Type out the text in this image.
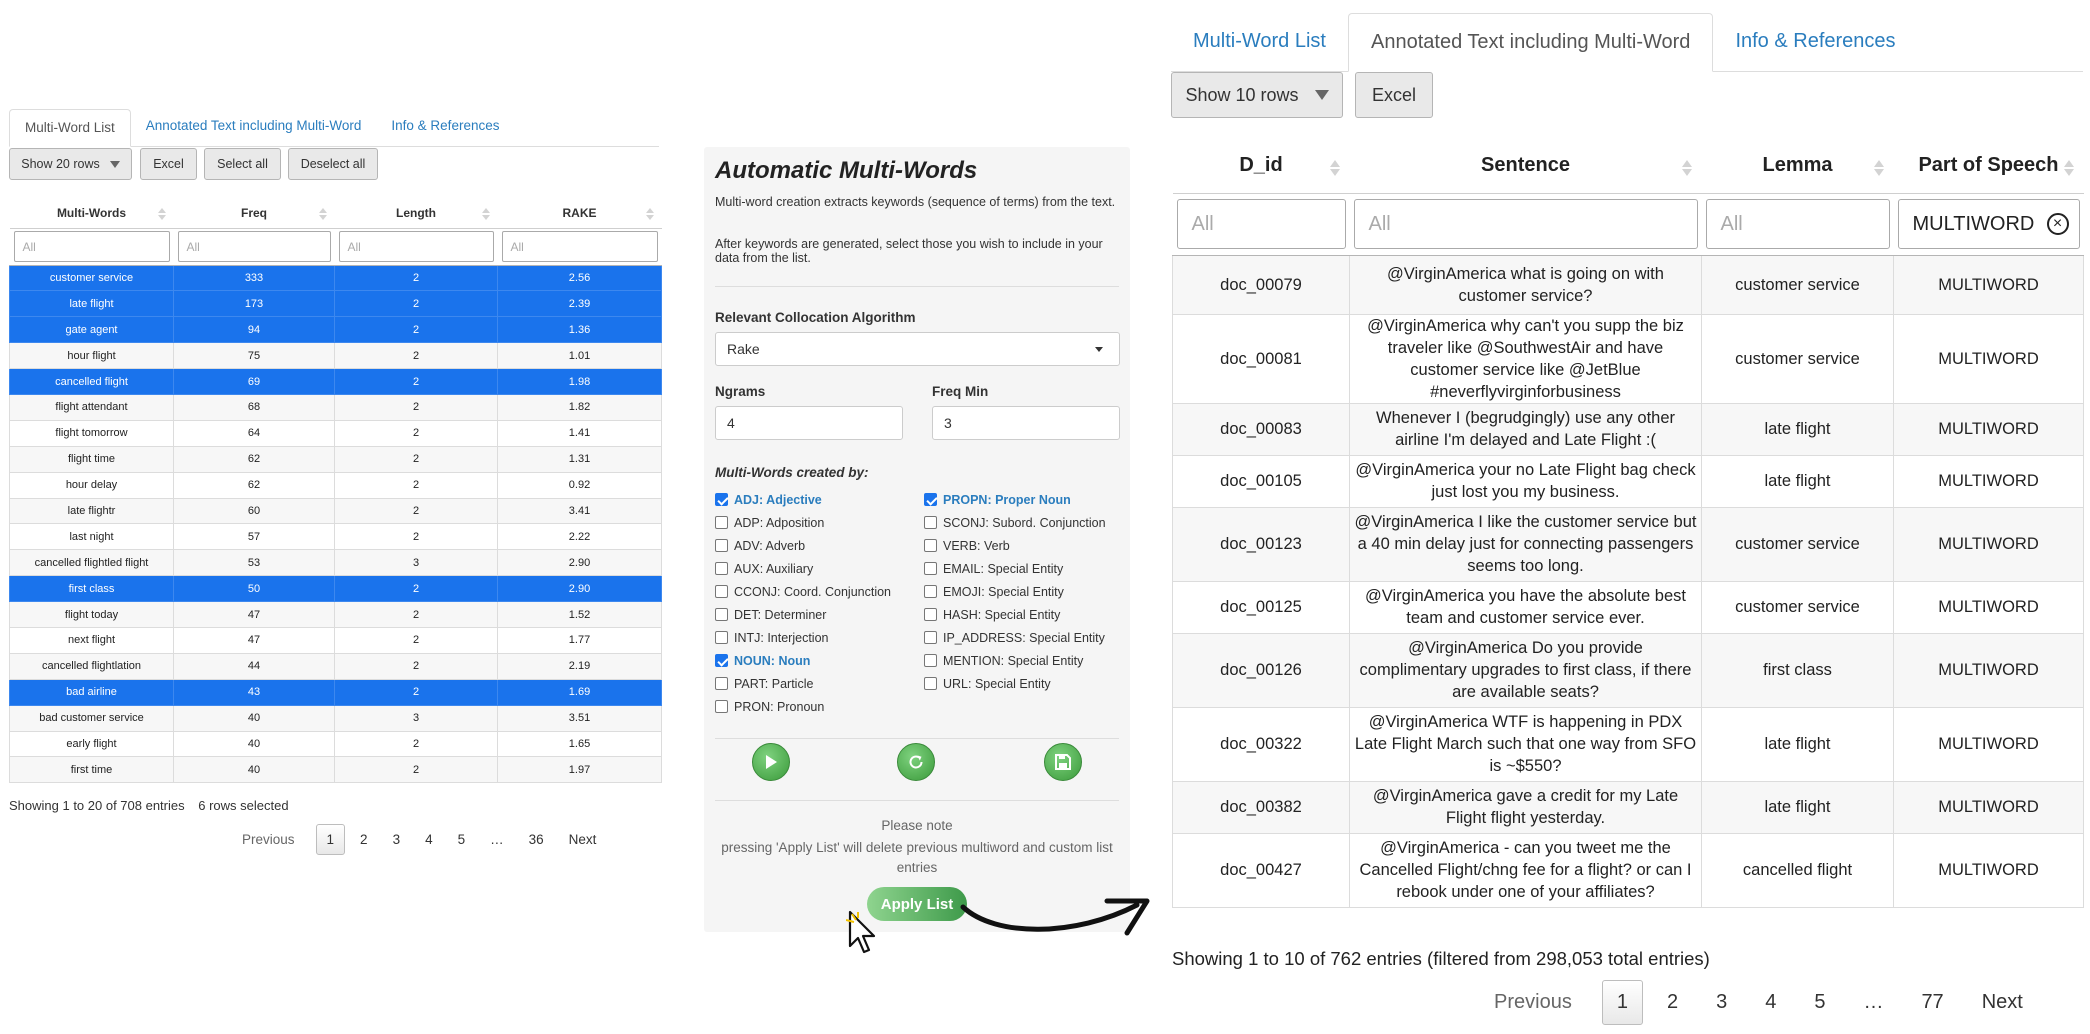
Multi-Word List	Annotated Text including Multi-Word	Info & References
Show 20 rows	Excel	Select all	Deselect all
Multi-Words	Freq	Length	RAKE

All	All	All	All

customer service	333	2	2.56
late flight	173	2	2.39
gate agent	94	2	1.36
hour flight	75	2	1.01
cancelled flight	69	2	1.98
flight attendant	68	2	1.82
flight tomorrow	64	2	1.41
flight time	62	2	1.31
hour delay	62	2	0.92
late flightr	60	2	3.41
last night	57	2	2.22
cancelled flightled flight	53	3	2.90
first class	50	2	2.90
flight today	47	2	1.52
next flight	47	2	1.77
cancelled flightlation	44	2	2.19
bad airline	43	2	1.69
bad customer service	40	3	3.51
early flight	40	2	1.65
first time	40	2	1.97
Showing 1 to 20 of 708 entries 6 rows selected
Previous	1	2	3	4	5	…	36	Next
Automatic Multi-Words
Multi-word creation extracts keywords (sequence of terms) from the text.
After keywords are generated, select those you wish to include in your data from the list.
Relevant Collocation Algorithm
Rake
Ngrams
4
Freq Min
3
Multi-Words created by:
ADJ: Adjective
ADP: Adposition
ADV: Adverb
AUX: Auxiliary
CCONJ: Coord. Conjunction
DET: Determiner
INTJ: Interjection
NOUN: Noun
PART: Particle
PRON: Pronoun
PROPN: Proper Noun
SCONJ: Subord. Conjunction
VERB: Verb
EMAIL: Special Entity
EMOJI: Special Entity
HASH: Special Entity
IP_ADDRESS: Special Entity
MENTION: Special Entity
URL: Special Entity
Please note
pressing 'Apply List' will delete previous multiword and custom list entries
Apply List
Multi-Word List	Annotated Text including Multi-Word	Info & References
Show 10 rows	Excel
D_id	Sentence	Lemma	Part of Speech

All	All	All	MULTIWORD ×

doc_00079	@VirginAmerica what is going on with customer service?	customer service	MULTIWORD
doc_00081	@VirginAmerica why can't you supp the biz traveler like @SouthwestAir and have customer service like @JetBlue #neverflyvirginforbusiness	customer service	MULTIWORD
doc_00083	Whenever I (begrudgingly) use any other airline I'm delayed and Late Flight :(	late flight	MULTIWORD
doc_00105	@VirginAmerica your no Late Flight bag check just lost you my business.	late flight	MULTIWORD
doc_00123	@VirginAmerica I like the customer service but a 40 min delay just for connecting passengers seems too long.	customer service	MULTIWORD
doc_00125	@VirginAmerica you have the absolute best team and customer service ever.	customer service	MULTIWORD
doc_00126	@VirginAmerica Do you provide complimentary upgrades to first class, if there are available seats?	first class	MULTIWORD
doc_00322	@VirginAmerica WTF is happening in PDX Late Flight March such that one way from SFO is ~$550?	late flight	MULTIWORD
doc_00382	@VirginAmerica gave a credit for my Late Flight flight yesterday.	late flight	MULTIWORD
doc_00427	@VirginAmerica - can you tweet me the Cancelled Flight/chng fee for a flight? or can I rebook under one of your affiliates?	cancelled flight	MULTIWORD
Showing 1 to 10 of 762 entries (filtered from 298,053 total entries)
Previous	1	2	3	4	5	…	77	Next
